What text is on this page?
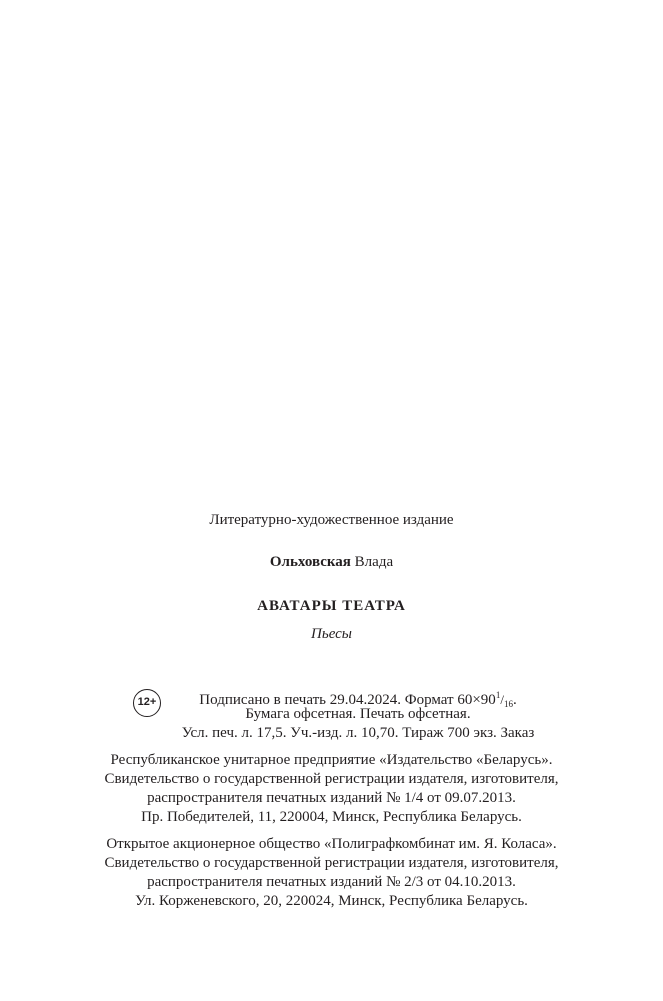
Литературно-художественное издание
Ольховская Влада
АВАТАРЫ ТЕАТРА
Пьесы
12+	Подписано в печать 29.04.2024. Формат $60\times 90^1/_{16}$.
Бумага офсетная. Печать офсетная.
Усл. печ. л. 17,5. Уч.-изд. л. 10,70. Тираж 700 экз. Заказ
Республиканское унитарное предприятие «Издательство «Беларусь».
Свидетельство о государственной регистрации издателя, изготовителя,
распространителя печатных изданий № 1/4 от 09.07.2013.
Пр. Победителей, 11, 220004, Минск, Республика Беларусь.
Открытое акционерное общество «Полиграфкомбинат им. Я. Коласа».
Свидетельство о государственной регистрации издателя, изготовителя,
распространителя печатных изданий № 2/3 от 04.10.2013.
Ул. Корженевского, 20, 220024, Минск, Республика Беларусь.
